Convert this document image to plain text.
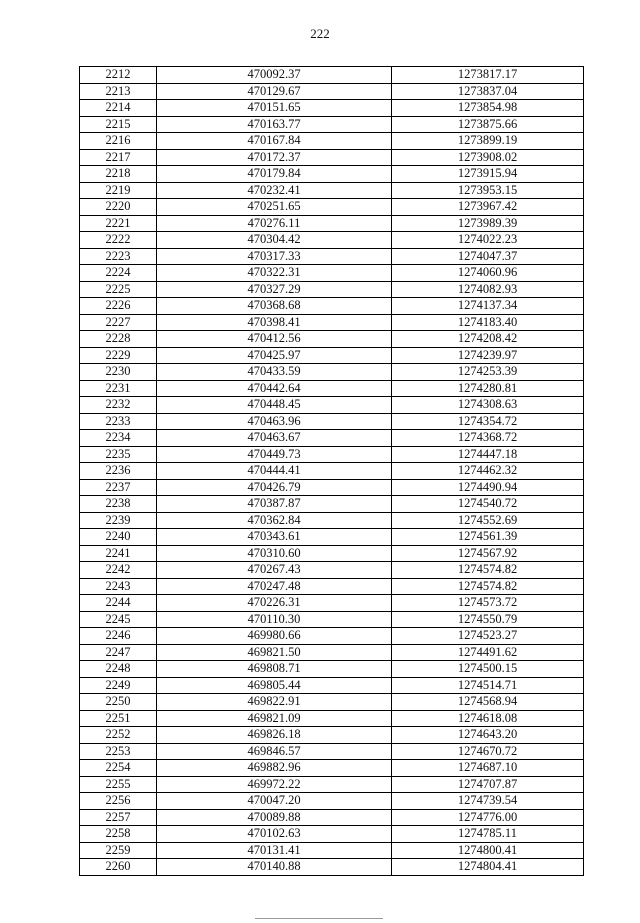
222
2212	470092.37	1273817.17
2213	470129.67	1273837.04
2214	470151.65	1273854.98
2215	470163.77	1273875.66
2216	470167.84	1273899.19
2217	470172.37	1273908.02
2218	470179.84	1273915.94
2219	470232.41	1273953.15
2220	470251.65	1273967.42
2221	470276.11	1273989.39
2222	470304.42	1274022.23
2223	470317.33	1274047.37
2224	470322.31	1274060.96
2225	470327.29	1274082.93
2226	470368.68	1274137.34
2227	470398.41	1274183.40
2228	470412.56	1274208.42
2229	470425.97	1274239.97
2230	470433.59	1274253.39
2231	470442.64	1274280.81
2232	470448.45	1274308.63
2233	470463.96	1274354.72
2234	470463.67	1274368.72
2235	470449.73	1274447.18
2236	470444.41	1274462.32
2237	470426.79	1274490.94
2238	470387.87	1274540.72
2239	470362.84	1274552.69
2240	470343.61	1274561.39
2241	470310.60	1274567.92
2242	470267.43	1274574.82
2243	470247.48	1274574.82
2244	470226.31	1274573.72
2245	470110.30	1274550.79
2246	469980.66	1274523.27
2247	469821.50	1274491.62
2248	469808.71	1274500.15
2249	469805.44	1274514.71
2250	469822.91	1274568.94
2251	469821.09	1274618.08
2252	469826.18	1274643.20
2253	469846.57	1274670.72
2254	469882.96	1274687.10
2255	469972.22	1274707.87
2256	470047.20	1274739.54
2257	470089.88	1274776.00
2258	470102.63	1274785.11
2259	470131.41	1274800.41
2260	470140.88	1274804.41
